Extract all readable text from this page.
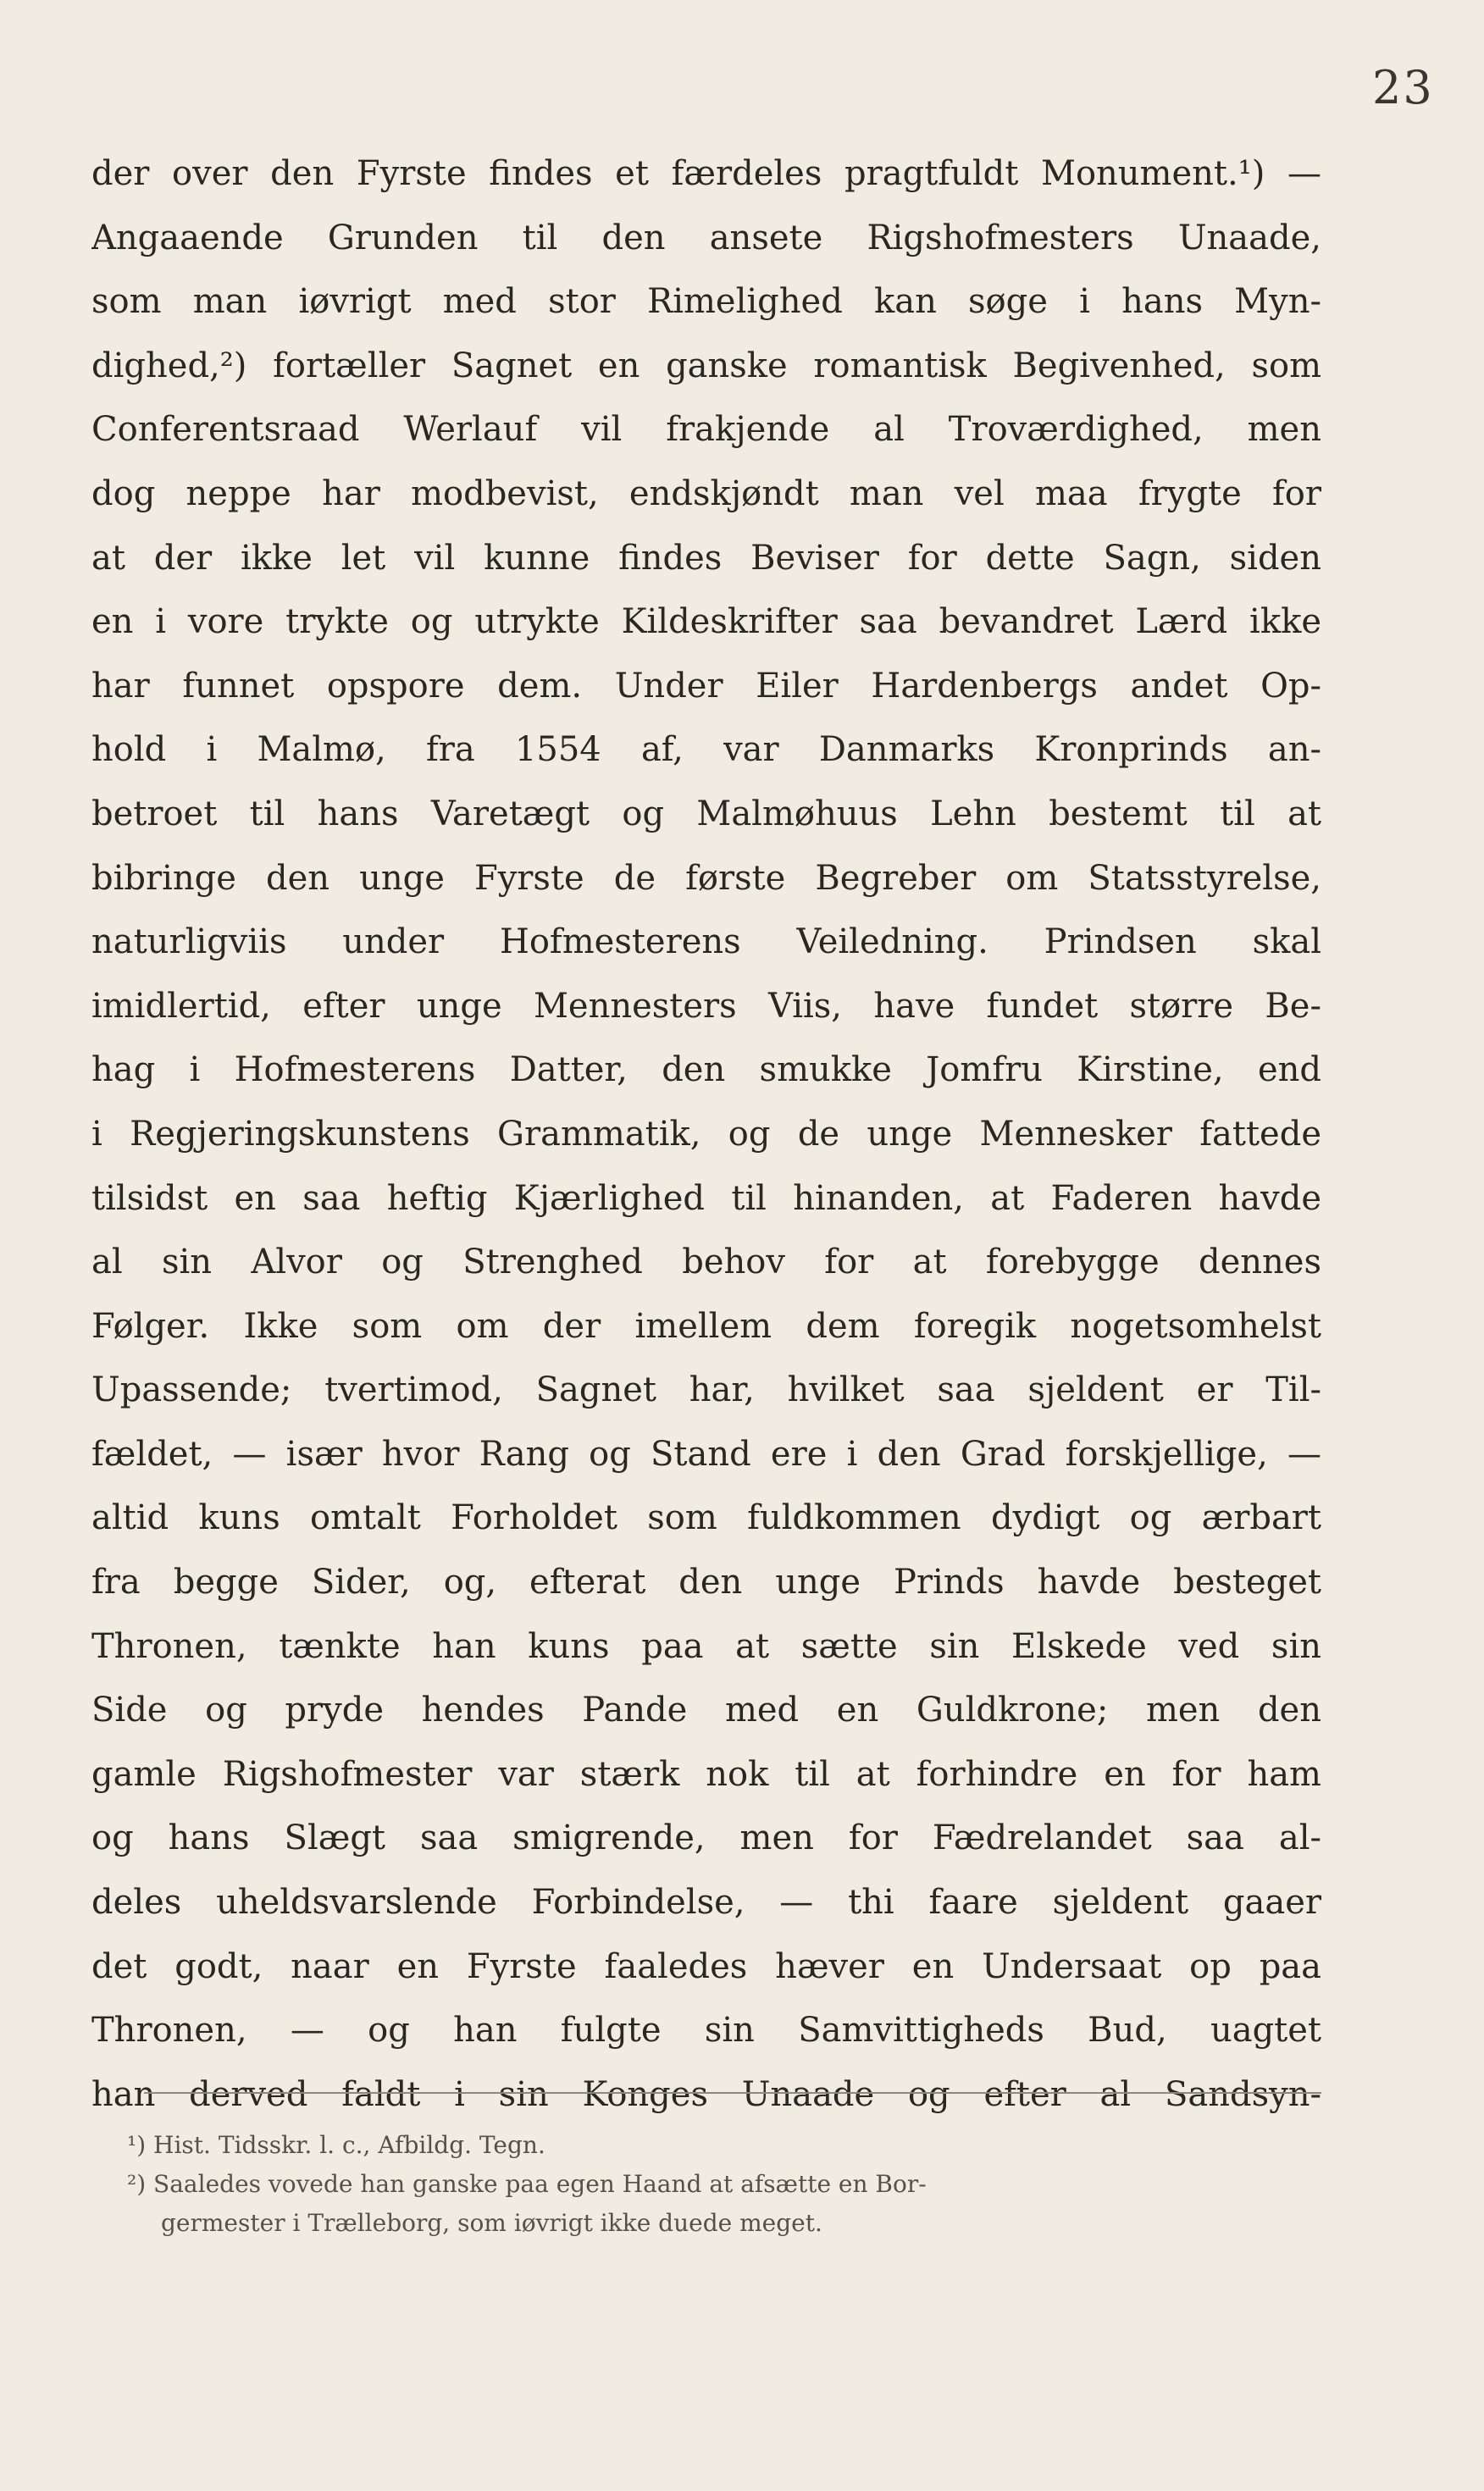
23
der over den Fyrste findes et færdeles pragtfuldt Monument.¹) —
Angaaende Grunden til den ansete Rigshofmesters Unaade,
som man iøvrigt med stor Rimelighed kan søge i hans Myn-
dighed,²) fortæller Sagnet en ganske romantisk Begivenhed, som
Conferentsraad Werlauf vil frakjende al Troværdighed, men
dog neppe har modbevist, endskjøndt man vel maa frygte for
at der ikke let vil kunne findes Beviser for dette Sagn, siden
en i vore trykte og utrykte Kildeskrifter saa bevandret Lærd ikke
har funnet opspore dem. Under Eiler Hardenbergs andet Op-
hold i Malmø, fra 1554 af, var Danmarks Kronprinds an-
betroet til hans Varetægt og Malmøhuus Lehn bestemt til at
bibringe den unge Fyrste de første Begreber om Statsstyrelse,
naturligviis under Hofmesterens Veiledning. Prindsen skal
imidlertid, efter unge Mennesters Viis, have fundet større Be-
hag i Hofmesterens Datter, den smukke Jomfru Kirstine, end
i Regjeringskunstens Grammatik, og de unge Mennesker fattede
tilsidst en saa heftig Kjærlighed til hinanden, at Faderen havde
al sin Alvor og Strenghed behov for at forebygge dennes
Følger. Ikke som om der imellem dem foregik nogetsomhelst
Upassende; tvertimod, Sagnet har, hvilket saa sjeldent er Til-
fældet, — især hvor Rang og Stand ere i den Grad forskjellige, —
altid kuns omtalt Forholdet som fuldkommen dydigt og ærbart
fra begge Sider, og, efterat den unge Prinds havde besteget
Thronen, tænkte han kuns paa at sætte sin Elskede ved sin
Side og pryde hendes Pande med en Guldkrone; men den
gamle Rigshofmester var stærk nok til at forhindre en for ham
og hans Slægt saa smigrende, men for Fædrelandet saa al-
deles uheldsvarslende Forbindelse, — thi faare sjeldent gaaer
det godt, naar en Fyrste faaledes hæver en Undersaat op paa
Thronen, — og han fulgte sin Samvittigheds Bud, uagtet
han derved faldt i sin Konges Unaade og efter al Sandsyn-
¹) Hist. Tidsskr. l. c., Afbildg. Tegn.
²) Saaledes vovede han ganske paa egen Haand at afsætte en Bor-
germester i Trælleborg, som iøvrigt ikke duede meget.
